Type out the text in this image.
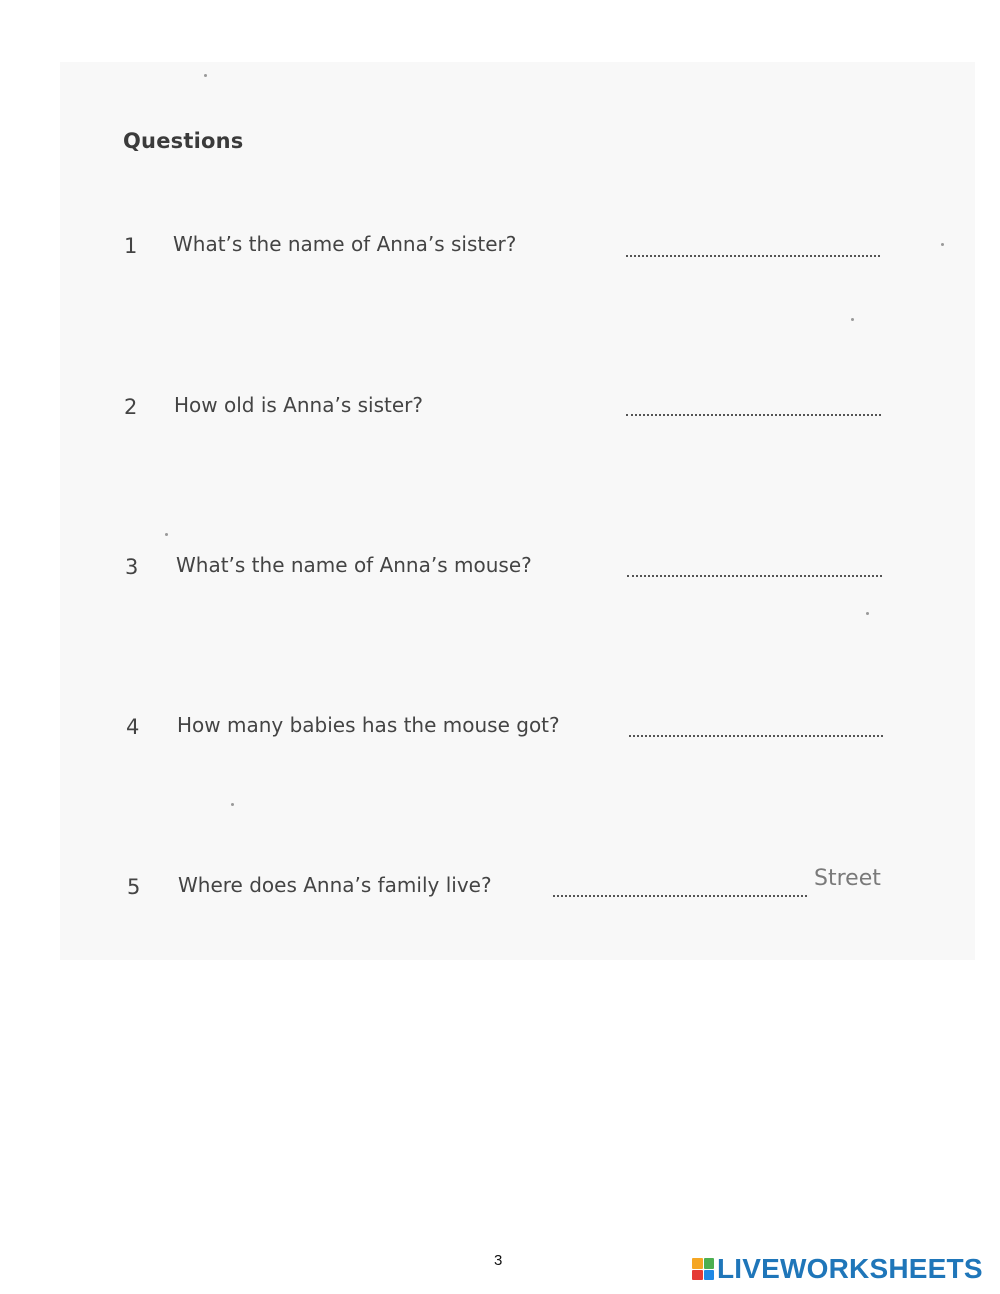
Questions
1 What’s the name of Anna’s sister?
2 How old is Anna’s sister?
3 What’s the name of Anna’s mouse?
4 How many babies has the mouse got?
5 Where does Anna’s family live?	Street
3	LIVEWORKSHEETS
